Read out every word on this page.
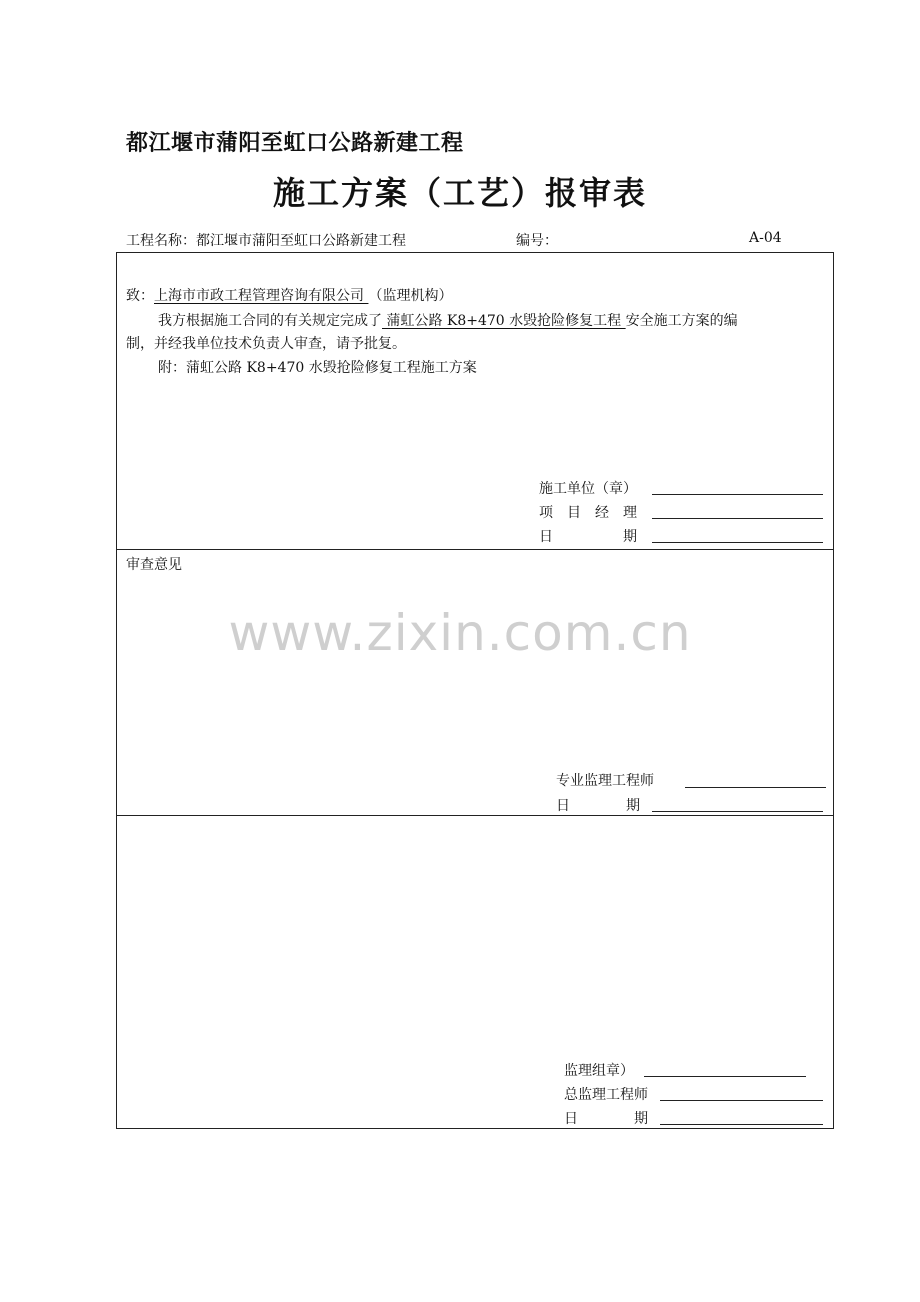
都江堰市蒲阳至虹口公路新建工程
施工方案（工艺）报审表
工程名称： 都江堰市蒲阳至虹口公路新建工程	编号：	A-04
致：上海市市政工程管理咨询有限公司 （监理机构）
我方根据施工合同的有关规定完成了 蒲虹公路 K8+470 水毁抢险修复工程 安全施工方案的编
制，并经我单位技术负责人审查，请予批复。
附：蒲虹公路 K8+470 水毁抢险修复工程施工方案
施工单位（章）
项　目　经　理
日　　　　　期
审查意见
www.zixin.com.cn
专业监理工程师
日　　　　期
监理组章）
总监理工程师
日　　　　期
